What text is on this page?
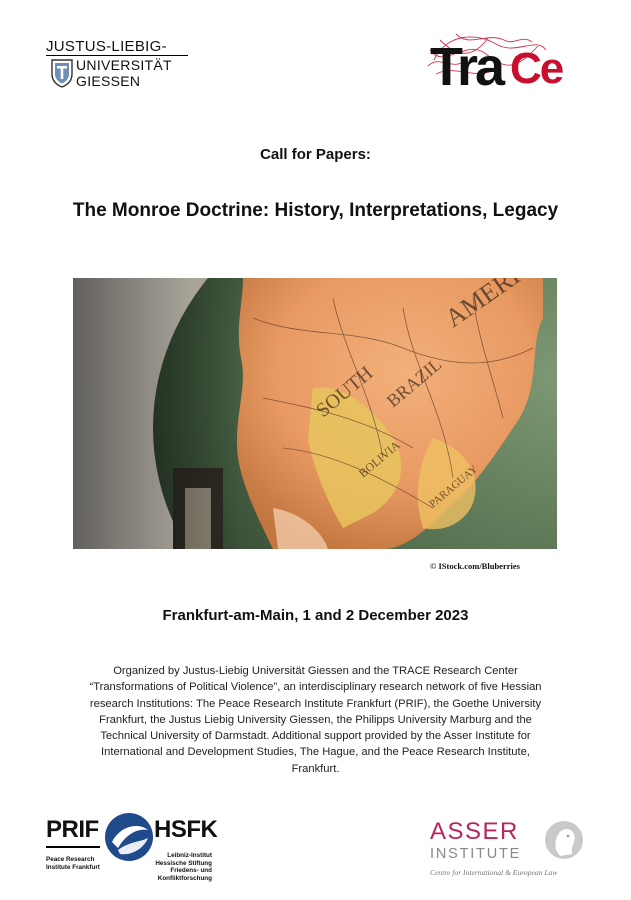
JUSTUS-LIEBIG-
UNIVERSITÄT
GIESSEN	Tra Ce
Call for Papers:
The Monroe Doctrine: History, Interpretations, Legacy
© IStock.com/Bluberries
Frankfurt-am-Main, 1 and 2 December 2023
Organized by Justus-Liebig Universität Giessen and the TRACE Research Center “Transformations of Political Violence”, an interdisciplinary research network of five Hessian research Institutions: The Peace Research Institute Frankfurt (PRIF), the Goethe University Frankfurt, the Justus Liebig University Giessen, the Philipps University Marburg and the Technical University of Darmstadt. Additional support provided by the Asser Institute for International and Development Studies, The Hague, and the Peace Research Institute, Frankfurt.
PRIF HSFK
Peace Research
Institute Frankfurt
Leibniz-Institut
Hessische Stiftung
Friedens- und Konfliktforschung
ASSER
INSTITUTE
Centre for International & European Law
